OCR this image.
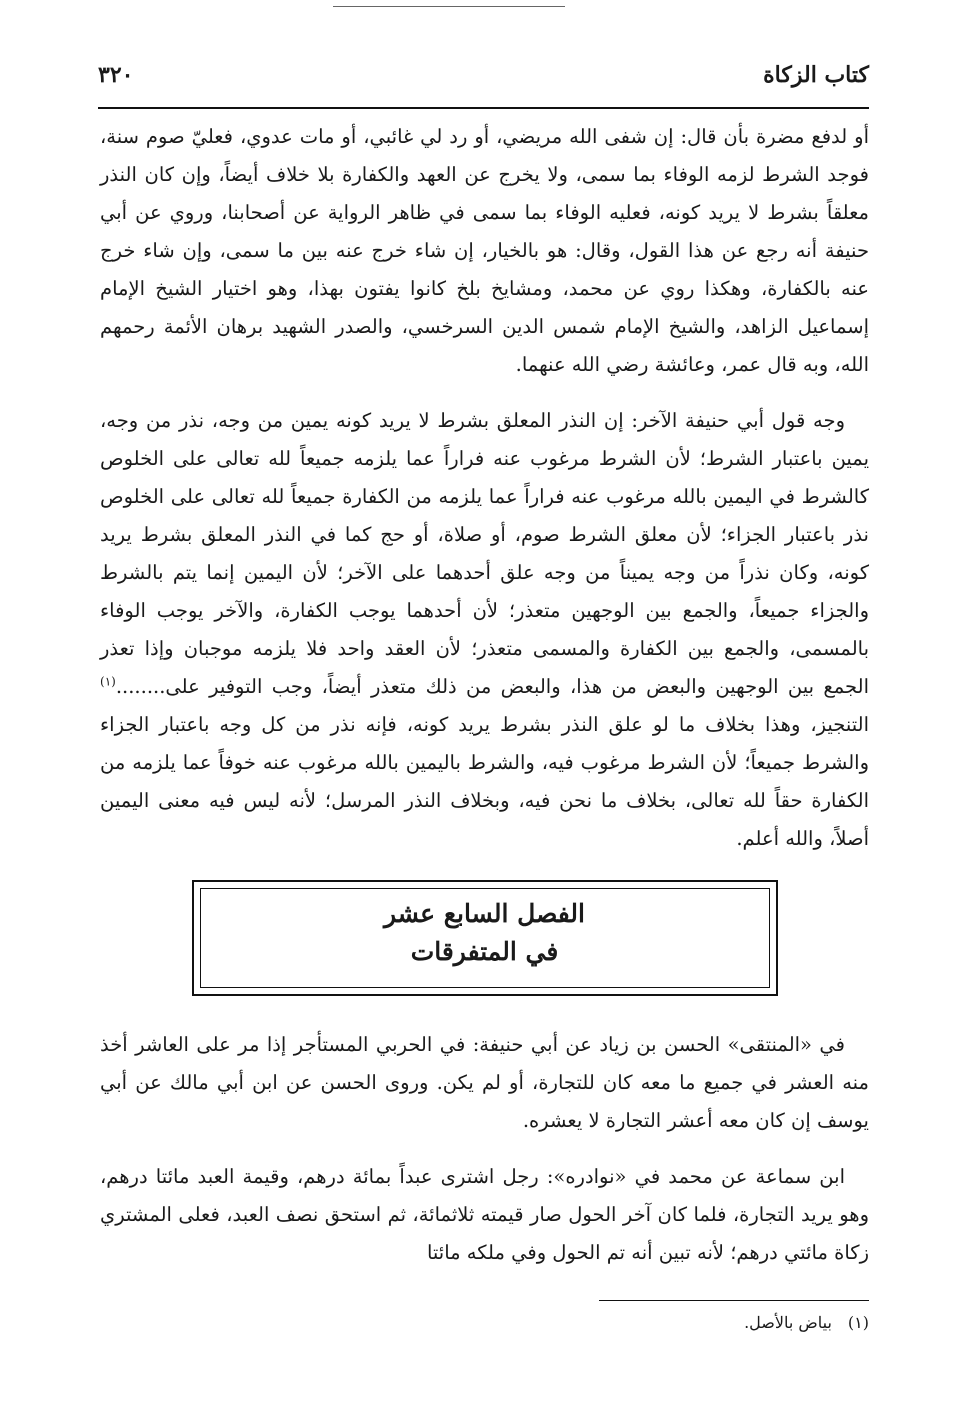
كتاب الزكاة
٣٢٠

أو لدفع مضرة بأن قال: إن شفى الله مريضي، أو رد لي غائبي، أو مات عدوي، فعليّ صوم سنة، فوجد الشرط لزمه الوفاء بما سمى، ولا يخرج عن العهد والكفارة بلا خلاف أيضاً، وإن كان النذر معلقاً بشرط لا يريد كونه، فعليه الوفاء بما سمى في ظاهر الرواية عن أصحابنا، وروي عن أبي حنيفة أنه رجع عن هذا القول، وقال: هو بالخيار، إن شاء خرج عنه بين ما سمى، وإن شاء خرج عنه بالكفارة، وهكذا روي عن محمد، ومشايخ بلخ كانوا يفتون بهذا، وهو اختيار الشيخ الإمام إسماعيل الزاهد، والشيخ الإمام شمس الدين السرخسي، والصدر الشهيد برهان الأئمة رحمهم الله، وبه قال عمر، وعائشة رضي الله عنهما.

وجه قول أبي حنيفة الآخر: إن النذر المعلق بشرط لا يريد كونه يمين من وجه، نذر من وجه، يمين باعتبار الشرط؛ لأن الشرط مرغوب عنه فراراً عما يلزمه جميعاً لله تعالى على الخلوص كالشرط في اليمين بالله مرغوب عنه فراراً عما يلزمه من الكفارة جميعاً لله تعالى على الخلوص نذر باعتبار الجزاء؛ لأن معلق الشرط صوم، أو صلاة، أو حج كما في النذر المعلق بشرط يريد كونه، وكان نذراً من وجه يميناً من وجه علق أحدهما على الآخر؛ لأن اليمين إنما يتم بالشرط والجزاء جميعاً، والجمع بين الوجهين متعذر؛ لأن أحدهما يوجب الكفارة، والآخر يوجب الوفاء بالمسمى، والجمع بين الكفارة والمسمى متعذر؛ لأن العقد واحد فلا يلزمه موجبان وإذا تعذر الجمع بين الوجهين والبعض من هذا، والبعض من ذلك متعذر أيضاً، وجب التوفير على........$^{(١)}$ التنجيز، وهذا بخلاف ما لو علق النذر بشرط يريد كونه، فإنه نذر من كل وجه باعتبار الجزاء والشرط جميعاً؛ لأن الشرط مرغوب فيه، والشرط باليمين بالله مرغوب عنه خوفاً عما يلزمه من الكفارة حقاً لله تعالى، بخلاف ما نحن فيه، وبخلاف النذر المرسل؛ لأنه ليس فيه معنى اليمين أصلاً، والله أعلم.

الفصل السابع عشر
في المتفرقات

في «المنتقى» الحسن بن زياد عن أبي حنيفة: في الحربي المستأجر إذا مر على العاشر أخذ منه العشر في جميع ما معه كان للتجارة، أو لم يكن. وروى الحسن عن ابن أبي مالك عن أبي يوسف إن كان معه أعشر التجارة لا يعشره.

ابن سماعة عن محمد في «نوادره»: رجل اشترى عبداً بمائة درهم، وقيمة العبد مائتا درهم، وهو يريد التجارة، فلما كان آخر الحول صار قيمته ثلاثمائة، ثم استحق نصف العبد، فعلى المشتري زكاة مائتي درهم؛ لأنه تبين أنه تم الحول وفي ملكه مائتا

(١)بياض بالأصل.
